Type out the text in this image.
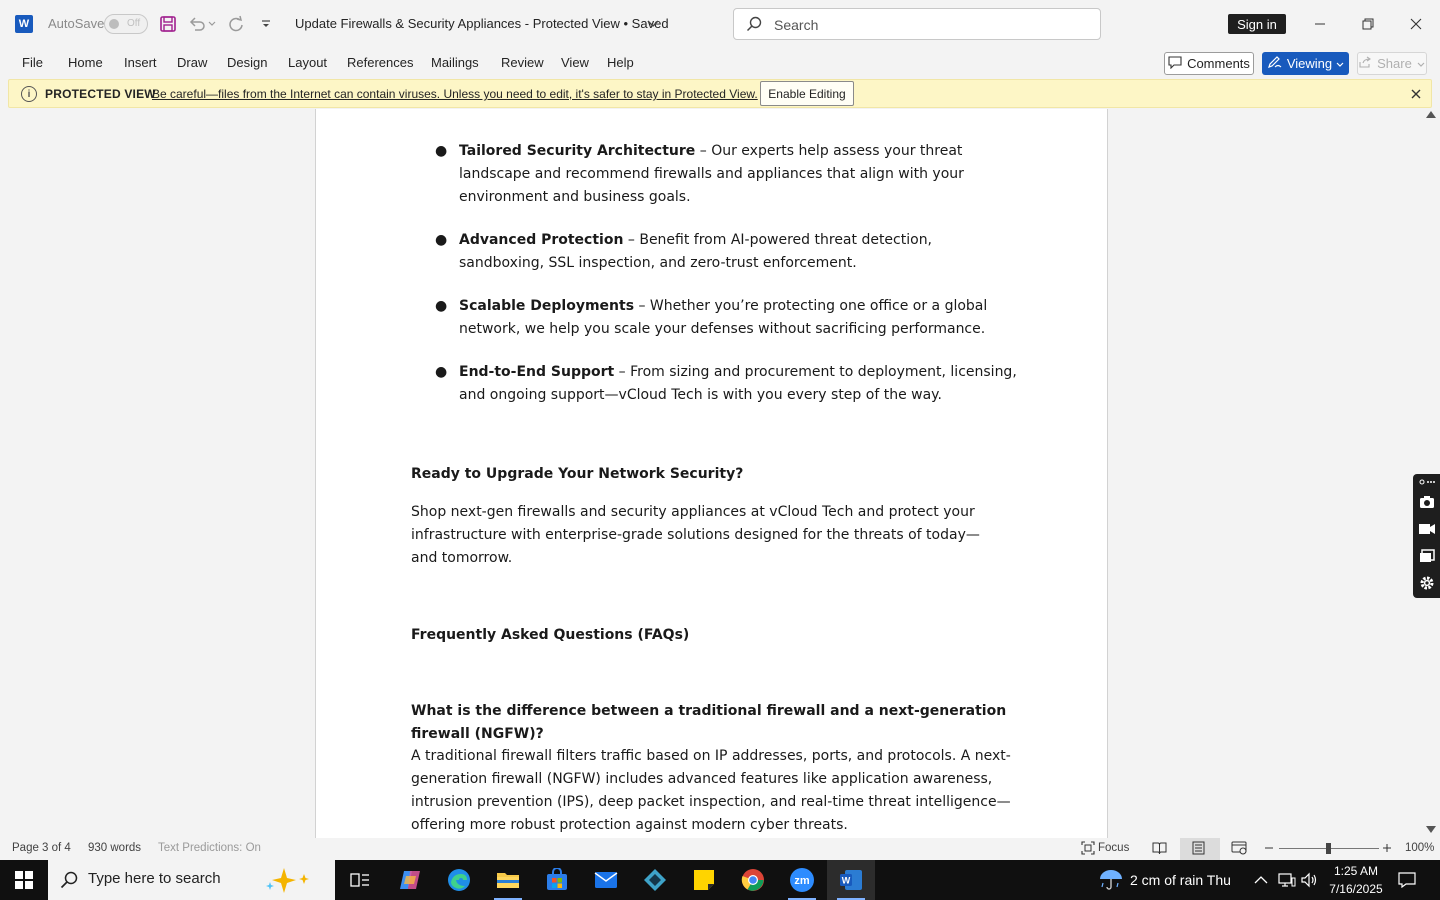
W AutoSave Off	Update Firewalls & Security Appliances - Protected View • Saved
Search	Sign in
File Home Insert Draw Design Layout References Mailings Review View Help	Comments	Viewing	Share
i	PROTECTED VIEW
Be careful—files from the Internet can contain viruses. Unless you need to edit, it's safer to stay in Protected View. Enable Editing
● Tailored Security Architecture – Our experts help assess your threat landscape and recommend firewalls and appliances that align with your environment and business goals.
● Advanced Protection – Benefit from AI-powered threat detection, sandboxing, SSL inspection, and zero-trust enforcement.
● Scalable Deployments – Whether you’re protecting one office or a global network, we help you scale your defenses without sacrificing performance.
● End-to-End Support – From sizing and procurement to deployment, licensing, and ongoing support—vCloud Tech is with you every step of the way.
Ready to Upgrade Your Network Security?
Shop next-gen firewalls and security appliances at vCloud Tech and protect your infrastructure with enterprise-grade solutions designed for the threats of today—and tomorrow.
Frequently Asked Questions (FAQs)
What is the difference between a traditional firewall and a next-generation firewall (NGFW)?
A traditional firewall filters traffic based on IP addresses, ports, and protocols. A next-generation firewall (NGFW) includes advanced features like application awareness, intrusion prevention (IPS), deep packet inspection, and real-time threat intelligence—offering more robust protection against modern cyber threats.
Page 3 of 4 930 words Text Predictions: On	Focus	100%
Type here to search
zm	W	2 cm of rain Thu
1:25 AM
7/16/2025
